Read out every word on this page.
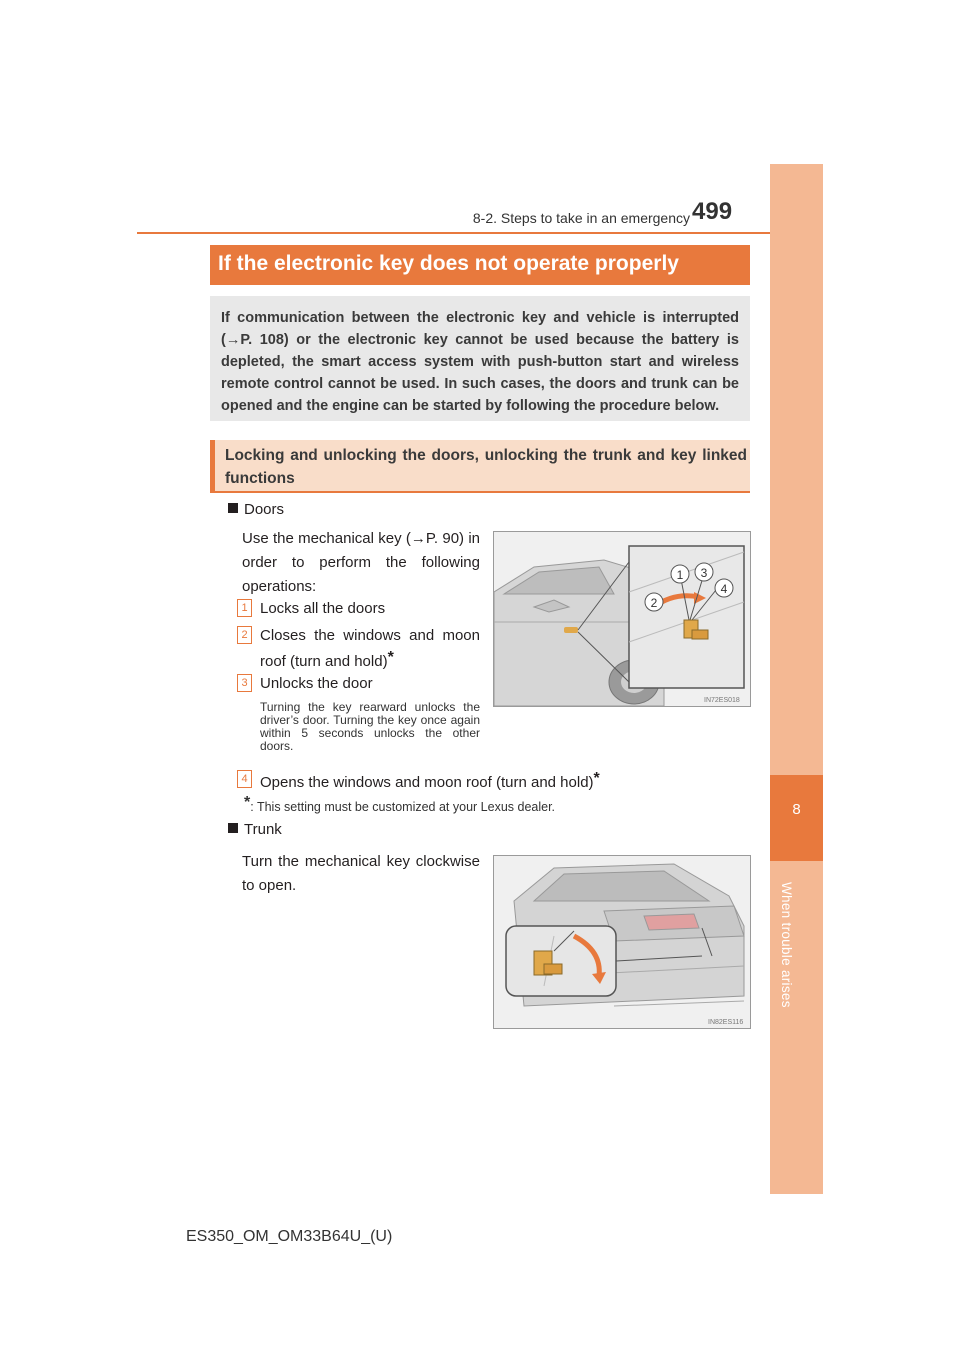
8-2. Steps to take in an emergency 499
8
When trouble arises
If the electronic key does not operate properly

If communication between the electronic key and vehicle is interrupted (→P. 108) or the electronic key cannot be used because the battery is depleted, the smart access system with push-button start and wireless remote control cannot be used. In such cases, the doors and trunk can be opened and the engine can be started by following the procedure below.

Locking and unlocking the doors, unlocking the trunk and key linked functions

Doors
Use the mechanical key (→P. 90) in order to perform the following operations:
1 Locks all the doors
2 Closes the windows and moon roof (turn and hold)*
3 Unlocks the door
Turning the key rearward unlocks the driver’s door. Turning the key once again within 5 seconds unlocks the other doors.
4 Opens the windows and moon roof (turn and hold)*
*: This setting must be customized at your Lexus dealer.
1
2
3
4
IN72ES018
Trunk
Turn the mechanical key clockwise to open.
IN82ES116
ES350_OM_OM33B64U_(U)
